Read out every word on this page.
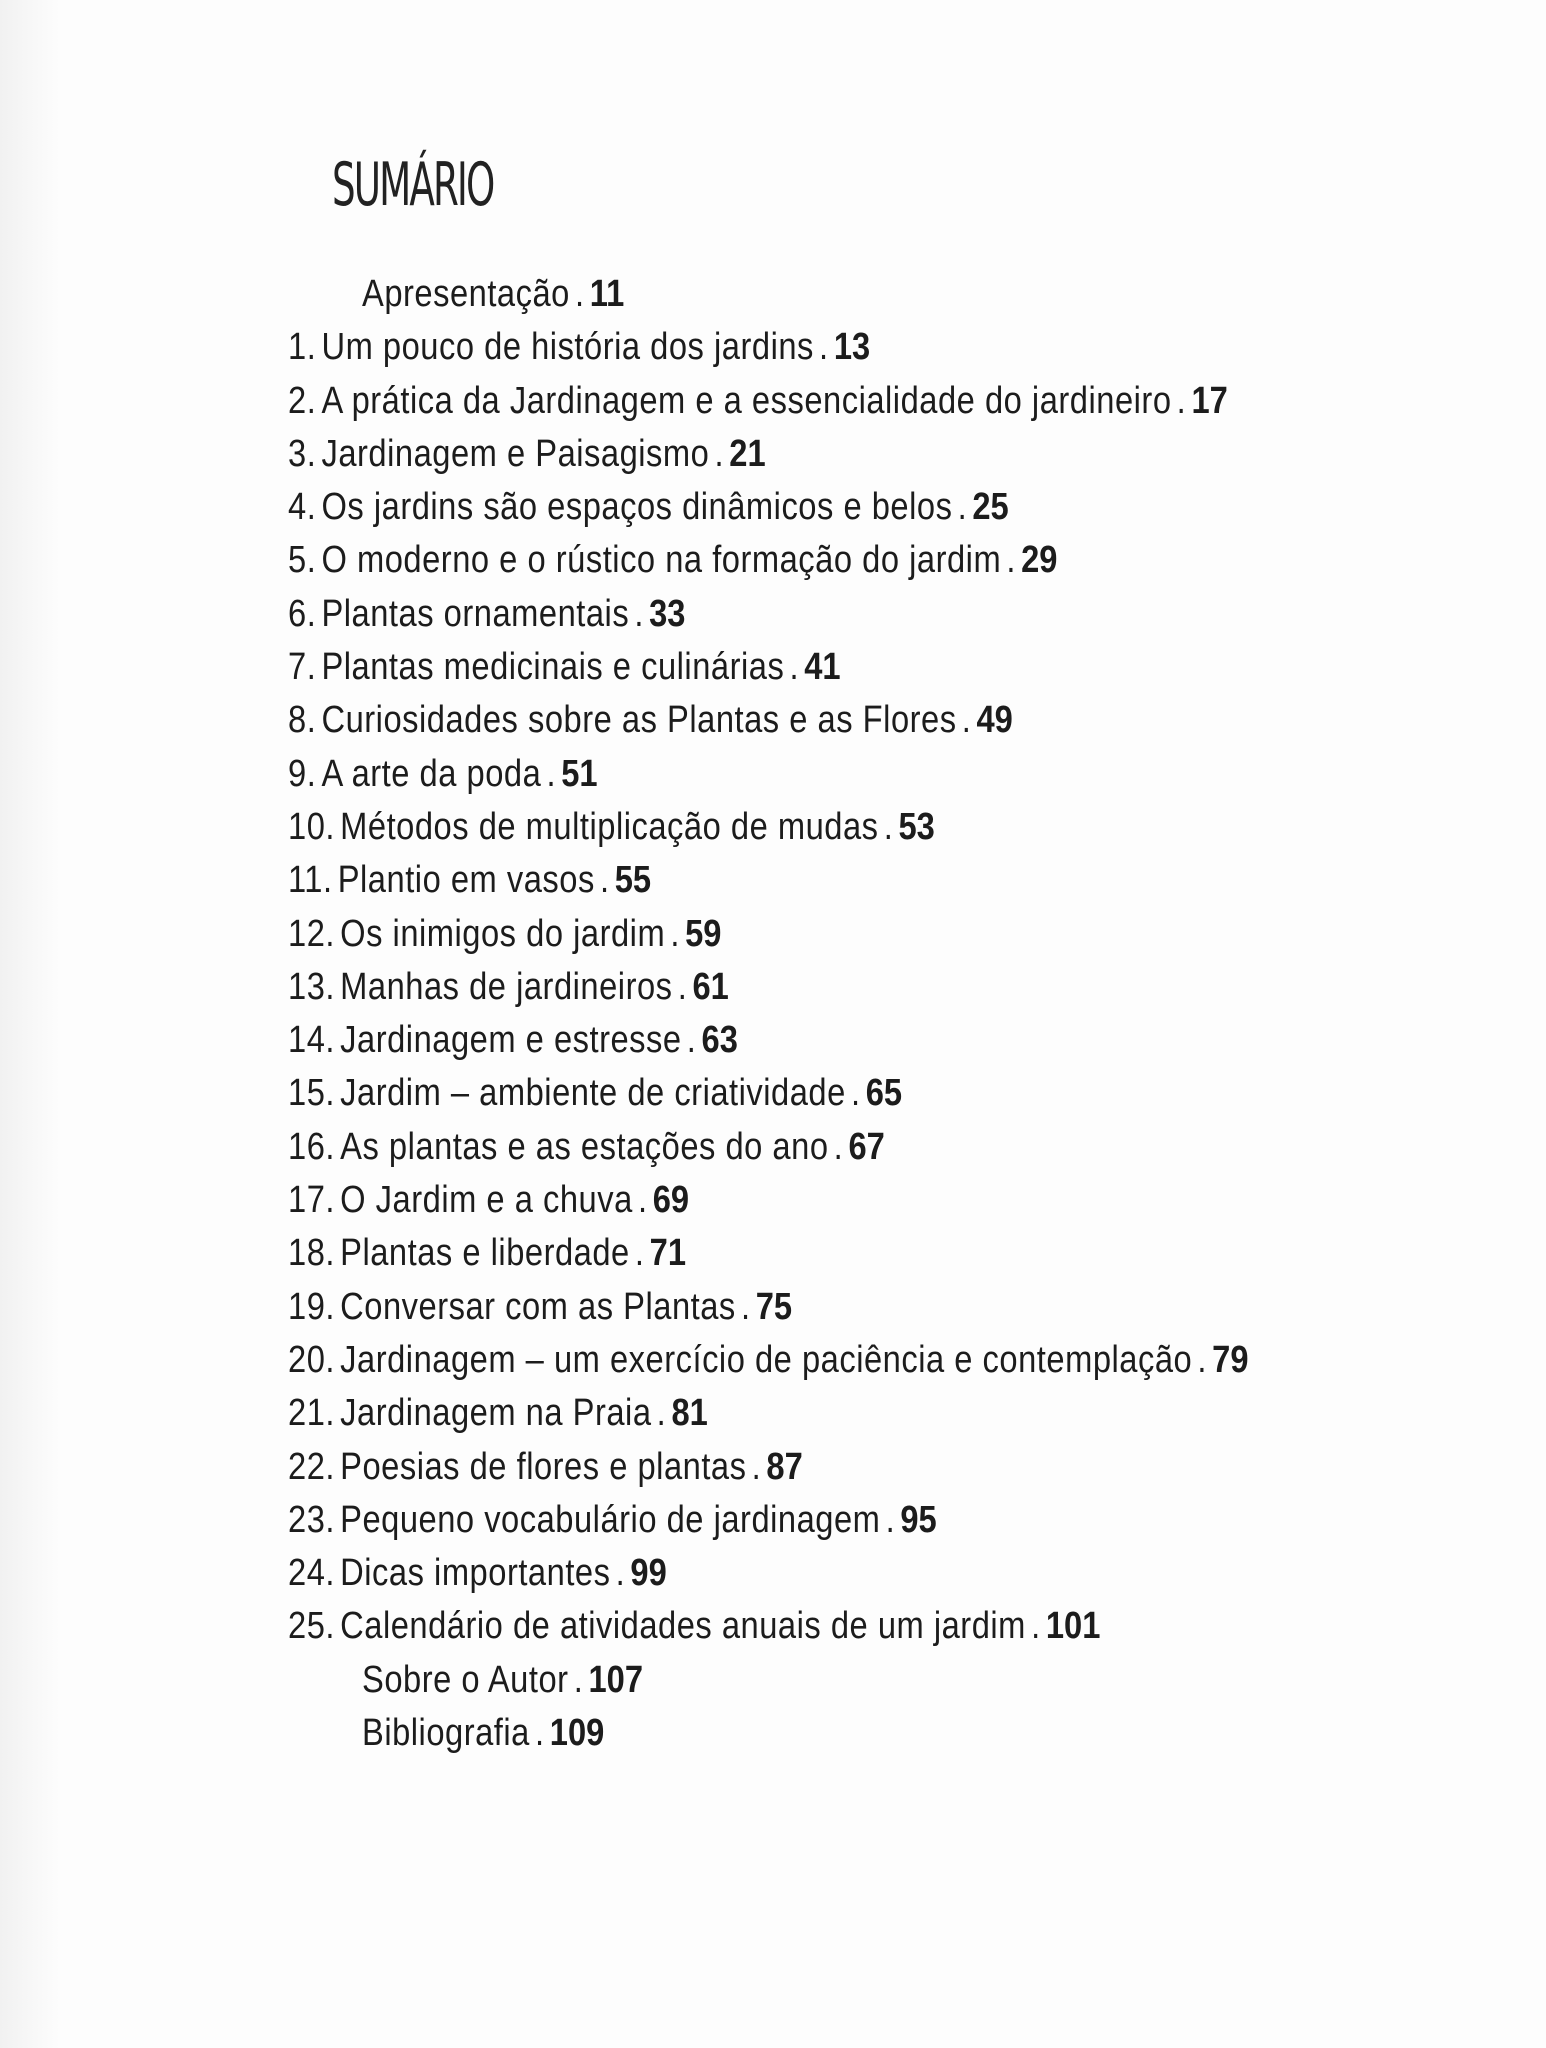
SUMÁRIO
Apresentação . 11
1. Um pouco de história dos jardins . 13
2. A prática da Jardinagem e a essencialidade do jardineiro . 17
3. Jardinagem e Paisagismo . 21
4. Os jardins são espaços dinâmicos e belos . 25
5. O moderno e o rústico na formação do jardim . 29
6. Plantas ornamentais . 33
7. Plantas medicinais e culinárias . 41
8. Curiosidades sobre as Plantas e as Flores . 49
9. A arte da poda . 51
10. Métodos de multiplicação de mudas . 53
11. Plantio em vasos . 55
12. Os inimigos do jardim . 59
13. Manhas de jardineiros . 61
14. Jardinagem e estresse . 63
15. Jardim – ambiente de criatividade . 65
16. As plantas e as estações do ano . 67
17. O Jardim e a chuva . 69
18. Plantas e liberdade . 71
19. Conversar com as Plantas . 75
20. Jardinagem – um exercício de paciência e contemplação . 79
21. Jardinagem na Praia . 81
22. Poesias de flores e plantas . 87
23. Pequeno vocabulário de jardinagem . 95
24. Dicas importantes . 99
25. Calendário de atividades anuais de um jardim . 101
Sobre o Autor . 107
Bibliografia . 109
